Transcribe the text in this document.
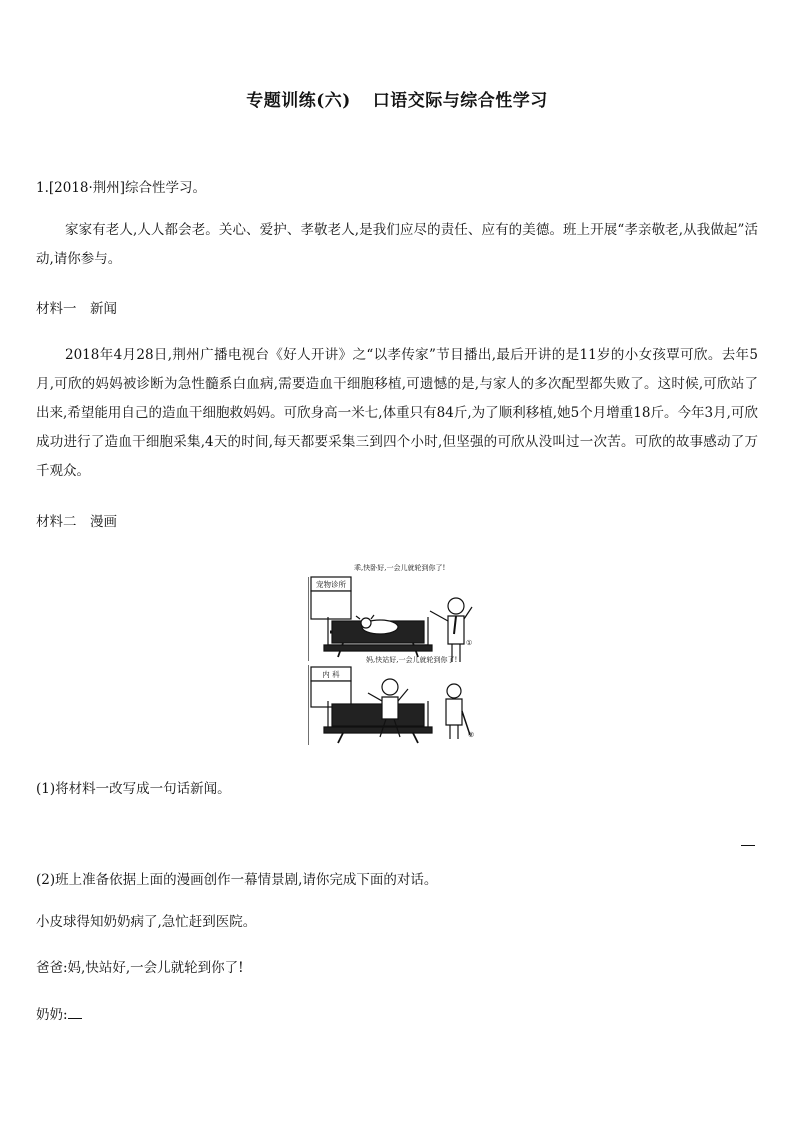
专题训练(六) 口语交际与综合性学习
1.[2018·荆州]综合性学习。
家家有老人,人人都会老。关心、爱护、孝敬老人,是我们应尽的责任、应有的美德。班上开展“孝亲敬老,从我做起”活动,请你参与。
材料一　新闻
2018年4月28日,荆州广播电视台《好人开讲》之“以孝传家”节目播出,最后开讲的是11岁的小女孩覃可欣。去年5月,可欣的妈妈被诊断为急性髓系白血病,需要造血干细胞移植,可遗憾的是,与家人的多次配型都失败了。这时候,可欣站了出来,希望能用自己的造血干细胞救妈妈。可欣身高一米七,体重只有84斤,为了顺利移植,她5个月增重18斤。今年3月,可欣成功进行了造血干细胞采集,4天的时间,每天都要采集三到四个小时,但坚强的可欣从没叫过一次苦。可欣的故事感动了万千观众。
材料二　漫画
宠物诊所
①
乖,快卧好,一会儿就轮到你了!
内 科
②
妈,快站好,一会儿就轮到你了!
(1)将材料一改写成一句话新闻。
(2)班上准备依据上面的漫画创作一幕情景剧,请你完成下面的对话。
小皮球得知奶奶病了,急忙赶到医院。
爸爸:妈,快站好,一会儿就轮到你了!
奶奶:
